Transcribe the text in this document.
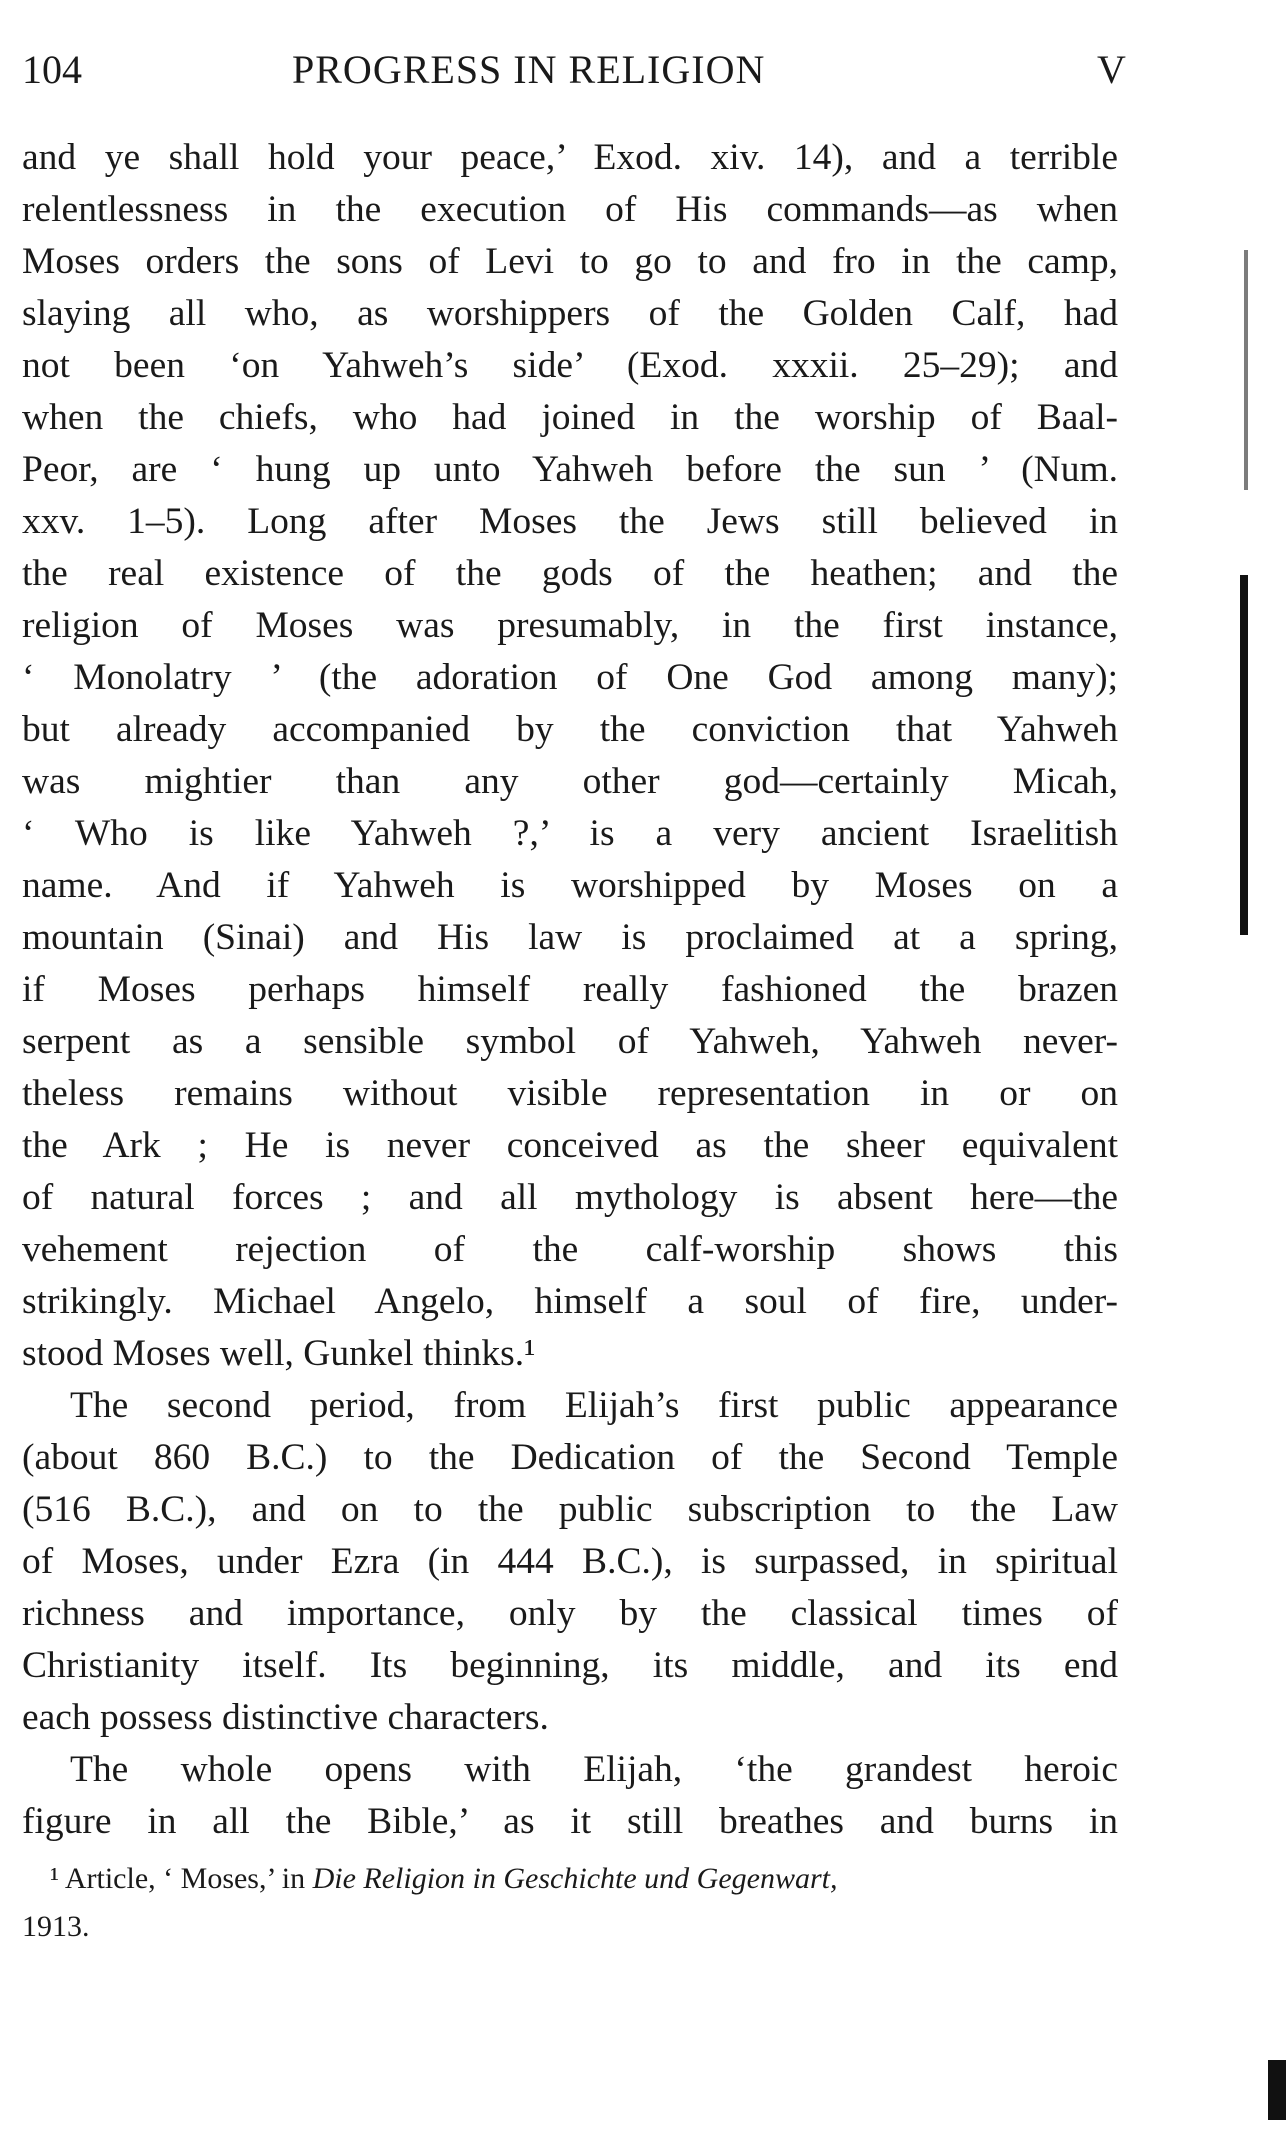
104	PROGRESS IN RELIGION	V
and ye shall hold your peace,’ Exod. xiv. 14), and a terrible
relentlessness in the execution of His commands—as when
Moses orders the sons of Levi to go to and fro in the camp,
slaying all who, as worshippers of the Golden Calf, had
not been ‘on Yahweh’s side’ (Exod. xxxii. 25–29); and
when the chiefs, who had joined in the worship of Baal-
Peor, are ‘ hung up unto Yahweh before the sun ’ (Num.
xxv. 1–5). Long after Moses the Jews still believed in
the real existence of the gods of the heathen; and the
religion of Moses was presumably, in the first instance,
‘ Monolatry ’ (the adoration of One God among many);
but already accompanied by the conviction that Yahweh
was mightier than any other god—certainly Micah,
‘ Who is like Yahweh ?,’ is a very ancient Israelitish
name. And if Yahweh is worshipped by Moses on a
mountain (Sinai) and His law is proclaimed at a spring,
if Moses perhaps himself really fashioned the brazen
serpent as a sensible symbol of Yahweh, Yahweh never-
theless remains without visible representation in or on
the Ark ; He is never conceived as the sheer equivalent
of natural forces ; and all mythology is absent here—the
vehement rejection of the calf-worship shows this
strikingly. Michael Angelo, himself a soul of fire, under-
stood Moses well, Gunkel thinks.¹
The second period, from Elijah’s first public appearance
(about 860 B.C.) to the Dedication of the Second Temple
(516 B.C.), and on to the public subscription to the Law
of Moses, under Ezra (in 444 B.C.), is surpassed, in spiritual
richness and importance, only by the classical times of
Christianity itself. Its beginning, its middle, and its end
each possess distinctive characters.
The whole opens with Elijah, ‘the grandest heroic
figure in all the Bible,’ as it still breathes and burns in
¹ Article, ‘ Moses,’ in Die Religion in Geschichte und Gegenwart,
1913.
